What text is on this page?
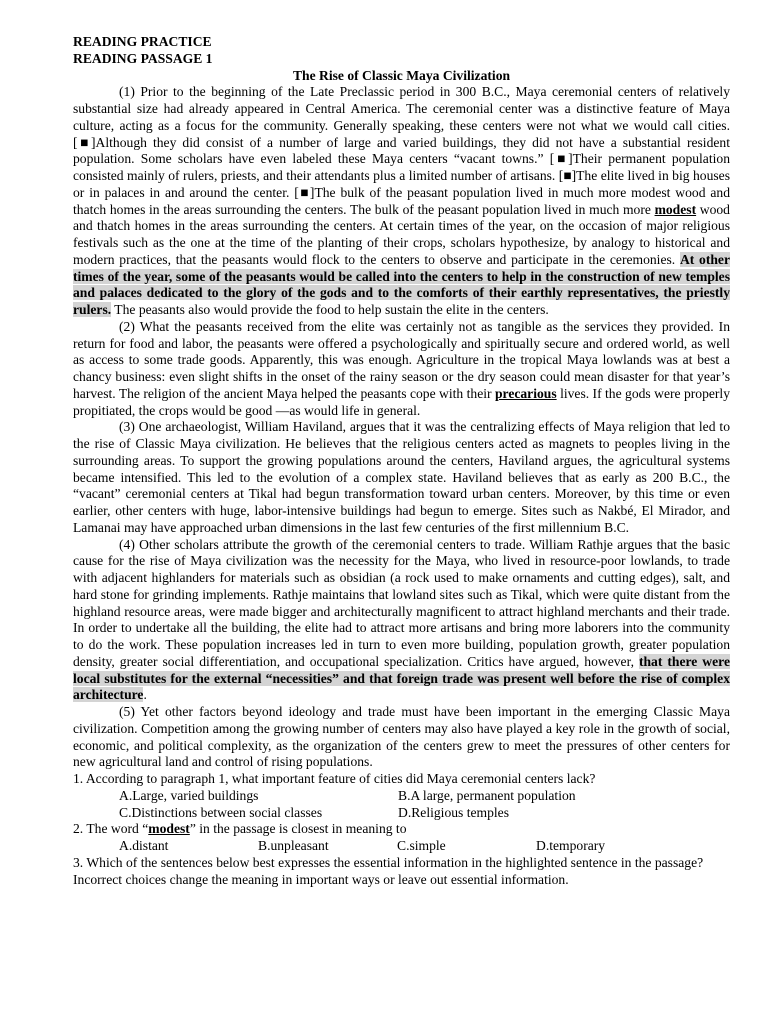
READING PRACTICE
READING PASSAGE 1
The Rise of Classic Maya Civilization

(1) Prior to the beginning of the Late Preclassic period in 300 B.C., Maya ceremonial centers of relatively substantial size had already appeared in Central America. The ceremonial center was a distinctive feature of Maya culture, acting as a focus for the community. Generally speaking, these centers were not what we would call cities. [■]Although they did consist of a number of large and varied buildings, they did not have a substantial resident population. Some scholars have even labeled these Maya centers “vacant towns.” [■]Their permanent population consisted mainly of rulers, priests, and their attendants plus a limited number of artisans. [■]The elite lived in big houses or in palaces in and around the center. [■]The bulk of the peasant population lived in much more modest wood and thatch homes in the areas surrounding the centers. The bulk of the peasant population lived in much more modest wood and thatch homes in the areas surrounding the centers. At certain times of the year, on the occasion of major religious festivals such as the one at the time of the planting of their crops, scholars hypothesize, by analogy to historical and modern practices, that the peasants would flock to the centers to observe and participate in the ceremonies. At other times of the year, some of the peasants would be called into the centers to help in the construction of new temples and palaces dedicated to the glory of the gods and to the comforts of their earthly representatives, the priestly rulers. The peasants also would provide the food to help sustain the elite in the centers.

(2) What the peasants received from the elite was certainly not as tangible as the services they provided. In return for food and labor, the peasants were offered a psychologically and spiritually secure and ordered world, as well as access to some trade goods. Apparently, this was enough. Agriculture in the tropical Maya lowlands was at best a chancy business: even slight shifts in the onset of the rainy season or the dry season could mean disaster for that year’s harvest. The religion of the ancient Maya helped the peasants cope with their precarious lives. If the gods were properly propitiated, the crops would be good —as would life in general.

(3) One archaeologist, William Haviland, argues that it was the centralizing effects of Maya religion that led to the rise of Classic Maya civilization. He believes that the religious centers acted as magnets to peoples living in the surrounding areas. To support the growing populations around the centers, Haviland argues, the agricultural systems became intensified. This led to the evolution of a complex state. Haviland believes that as early as 200 B.C., the “vacant” ceremonial centers at Tikal had begun transformation toward urban centers. Moreover, by this time or even earlier, other centers with huge, labor-intensive buildings had begun to emerge. Sites such as Nakbé, El Mirador, and Lamanai may have approached urban dimensions in the last few centuries of the first millennium B.C.

(4) Other scholars attribute the growth of the ceremonial centers to trade. William Rathje argues that the basic cause for the rise of Maya civilization was the necessity for the Maya, who lived in resource-poor lowlands, to trade with adjacent highlanders for materials such as obsidian (a rock used to make ornaments and cutting edges), salt, and hard stone for grinding implements. Rathje maintains that lowland sites such as Tikal, which were quite distant from the highland resource areas, were made bigger and architecturally magnificent to attract highland merchants and their trade. In order to undertake all the building, the elite had to attract more artisans and bring more laborers into the community to do the work. These population increases led in turn to even more building, population growth, greater population density, greater social differentiation, and occupational specialization. Critics have argued, however, that there were local substitutes for the external “necessities” and that foreign trade was present well before the rise of complex architecture.

(5) Yet other factors beyond ideology and trade must have been important in the emerging Classic Maya civilization. Competition among the growing number of centers may also have played a key role in the growth of social, economic, and political complexity, as the organization of the centers grew to meet the pressures of other centers for new agricultural land and control of rising populations.

1. According to paragraph 1, what important feature of cities did Maya ceremonial centers lack?

A.Large, varied buildings	B.A large, permanent population
C.Distinctions between social classes	D.Religious temples

2. The word “modest” in the passage is closest in meaning to

A.distant	B.unpleasant	C.simple	D.temporary

3. Which of the sentences below best expresses the essential information in the highlighted sentence in the passage? Incorrect choices change the meaning in important ways or leave out essential information.
